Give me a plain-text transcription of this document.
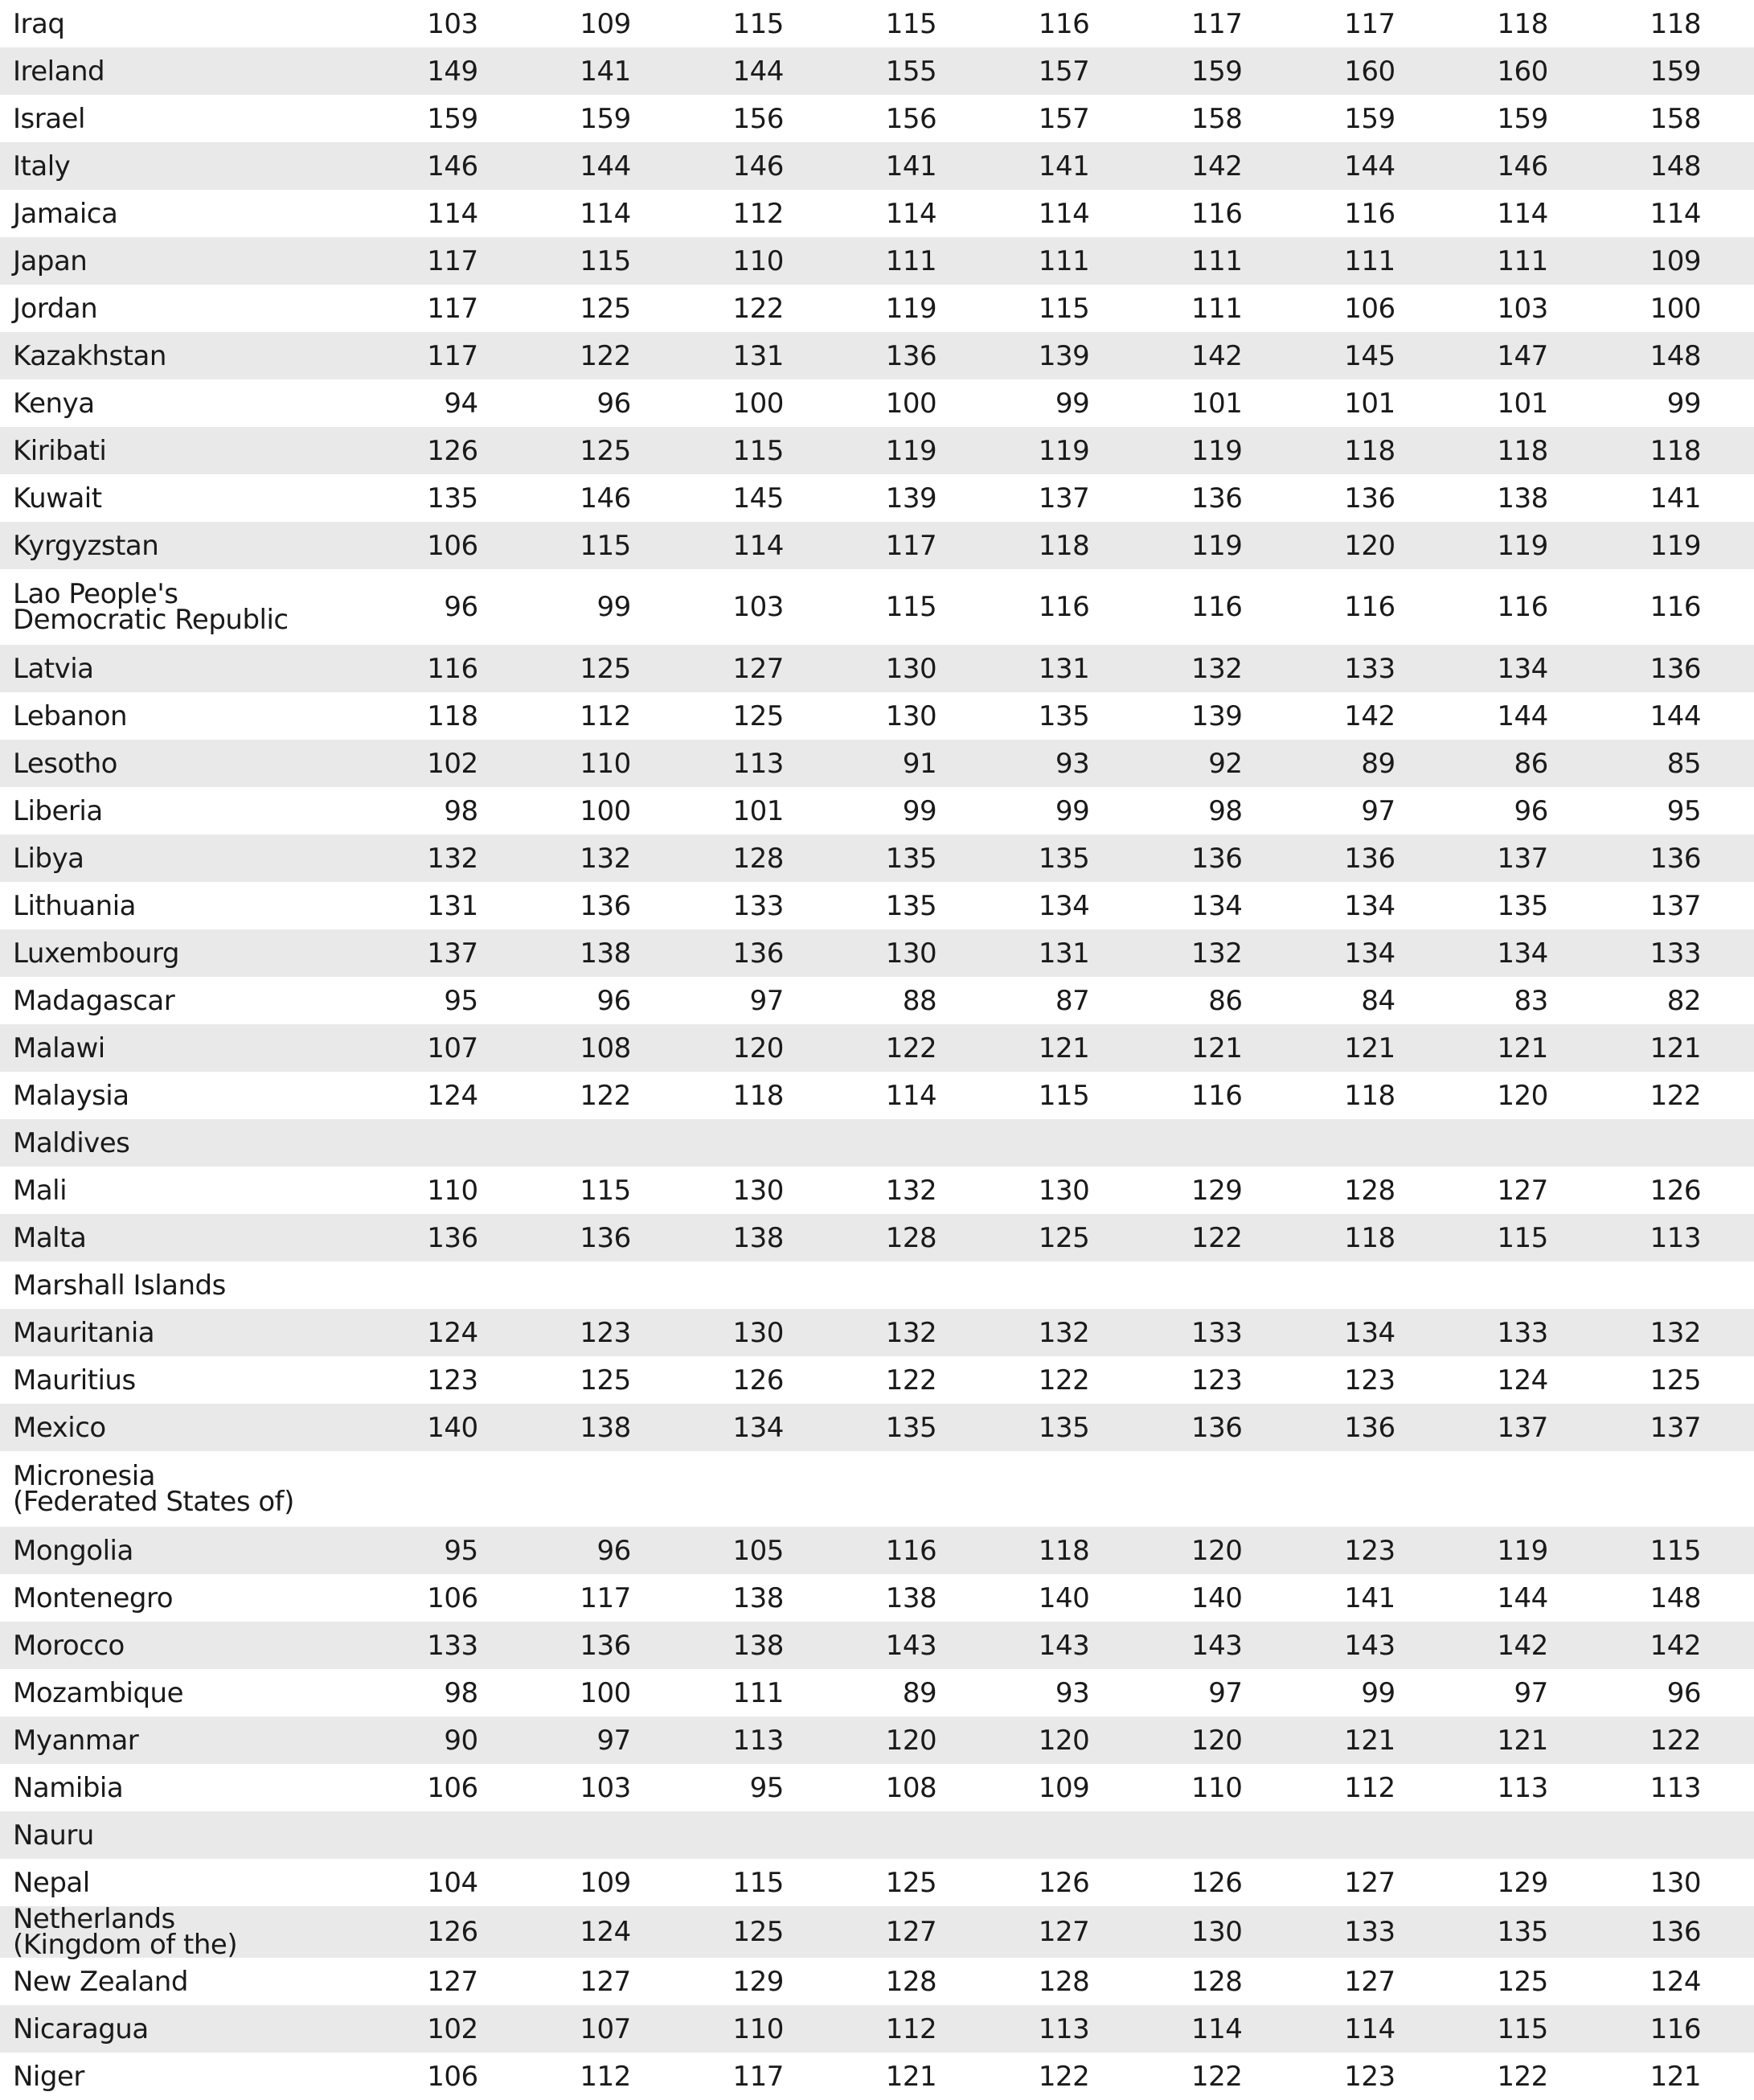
Iraq	103	109	115	115	116	117	117	118	118

Ireland	149	141	144	155	157	159	160	160	159

Israel	159	159	156	156	157	158	159	159	158

Italy	146	144	146	141	141	142	144	146	148

Jamaica	114	114	112	114	114	116	116	114	114

Japan	117	115	110	111	111	111	111	111	109

Jordan	117	125	122	119	115	111	106	103	100

Kazakhstan	117	122	131	136	139	142	145	147	148

Kenya	94	96	100	100	99	101	101	101	99

Kiribati	126	125	115	119	119	119	118	118	118

Kuwait	135	146	145	139	137	136	136	138	141

Kyrgyzstan	106	115	114	117	118	119	120	119	119

Lao People's Democratic Republic	96	99	103	115	116	116	116	116	116

Latvia	116	125	127	130	131	132	133	134	136

Lebanon	118	112	125	130	135	139	142	144	144

Lesotho	102	110	113	91	93	92	89	86	85

Liberia	98	100	101	99	99	98	97	96	95

Libya	132	132	128	135	135	136	136	137	136

Lithuania	131	136	133	135	134	134	134	135	137

Luxembourg	137	138	136	130	131	132	134	134	133

Madagascar	95	96	97	88	87	86	84	83	82

Malawi	107	108	120	122	121	121	121	121	121

Malaysia	124	122	118	114	115	116	118	120	122

Maldives									

Mali	110	115	130	132	130	129	128	127	126

Malta	136	136	138	128	125	122	118	115	113

Marshall Islands									

Mauritania	124	123	130	132	132	133	134	133	132

Mauritius	123	125	126	122	122	123	123	124	125

Mexico	140	138	134	135	135	136	136	137	137

Micronesia (Federated States of)									

Mongolia	95	96	105	116	118	120	123	119	115

Montenegro	106	117	138	138	140	140	141	144	148

Morocco	133	136	138	143	143	143	143	142	142

Mozambique	98	100	111	89	93	97	99	97	96

Myanmar	90	97	113	120	120	120	121	121	122

Namibia	106	103	95	108	109	110	112	113	113

Nauru									

Nepal	104	109	115	125	126	126	127	129	130

Netherlands (Kingdom of the)	126	124	125	127	127	130	133	135	136

New Zealand	127	127	129	128	128	128	127	125	124

Nicaragua	102	107	110	112	113	114	114	115	116

Niger	106	112	117	121	122	122	123	122	121
